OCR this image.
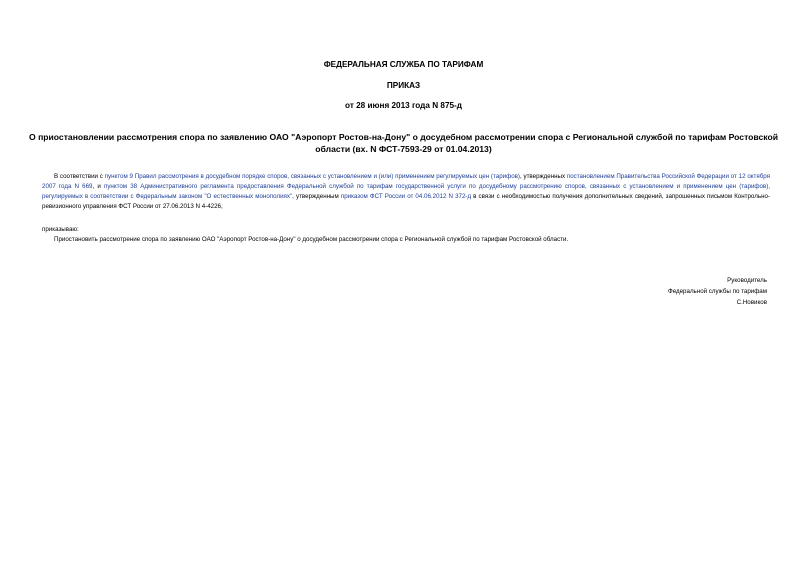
ФЕДЕРАЛЬНАЯ СЛУЖБА ПО ТАРИФАМ
ПРИКАЗ
от 28 июня 2013 года N 875-д
О приостановлении рассмотрения спора по заявлению ОАО "Аэропорт Ростов-на-Дону" о досудебном рассмотрении спора с Региональной службой по тарифам Ростовской области (вх. N ФСТ-7593-29 от 01.04.2013)
В соответствии с пунктом 9 Правил рассмотрения в досудебном порядке споров, связанных с установлением и (или) применением регулируемых цен (тарифов), утвержденных постановлением Правительства Российской Федерации от 12 октября 2007 года N 669, и пунктом 38 Административного регламента предоставления Федеральной службой по тарифам государственной услуги по досудебному рассмотрению споров, связанных с установлением и применением цен (тарифов), регулируемых в соответствии с Федеральным законом "О естественных монополиях", утвержденным приказом ФСТ России от 04.06.2012 N 372-д в связи с необходимостью получения дополнительных сведений, запрошенных письмом Контрольно-ревизионного управления ФСТ России от 27.06.2013 N 4-4226,
приказываю:
Приостановить рассмотрение спора по заявлению ОАО "Аэропорт Ростов-на-Дону" о досудебном рассмотрении спора с Региональной службой по тарифам Ростовской области.
Руководитель
Федеральной службы по тарифам
С.Новиков
